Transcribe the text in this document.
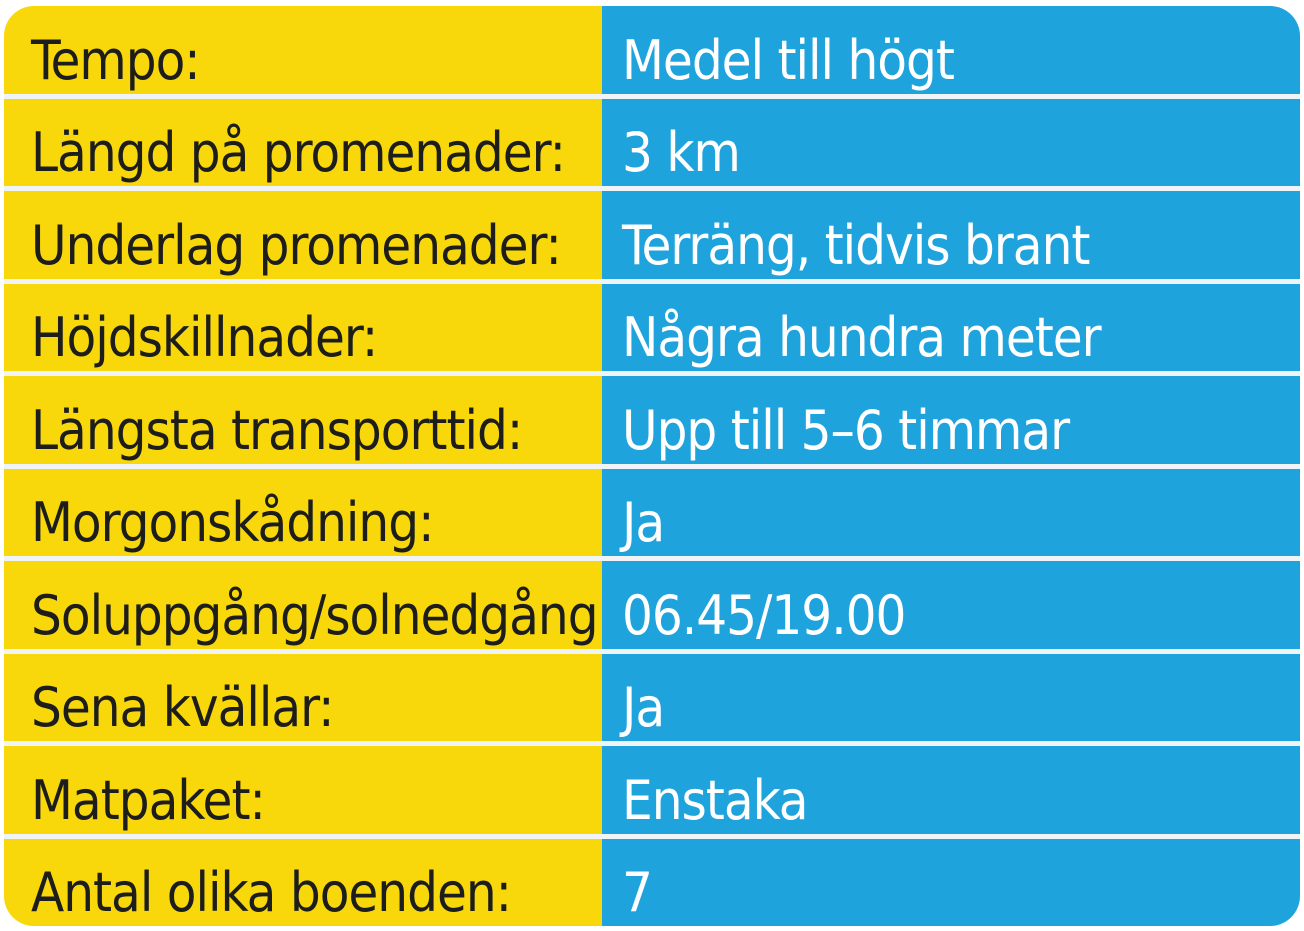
Tempo:	Medel till högt
Längd på promenader:	3 km
Underlag promenader:	Terräng, tidvis brant
Höjdskillnader:	Några hundra meter
Längsta transporttid:	Upp till 5–6 timmar
Morgonskådning:	Ja
Soluppgång/solnedgång 06.45/19.00
Sena kvällar:	Ja
Matpaket:	Enstaka
Antal olika boenden:	7
